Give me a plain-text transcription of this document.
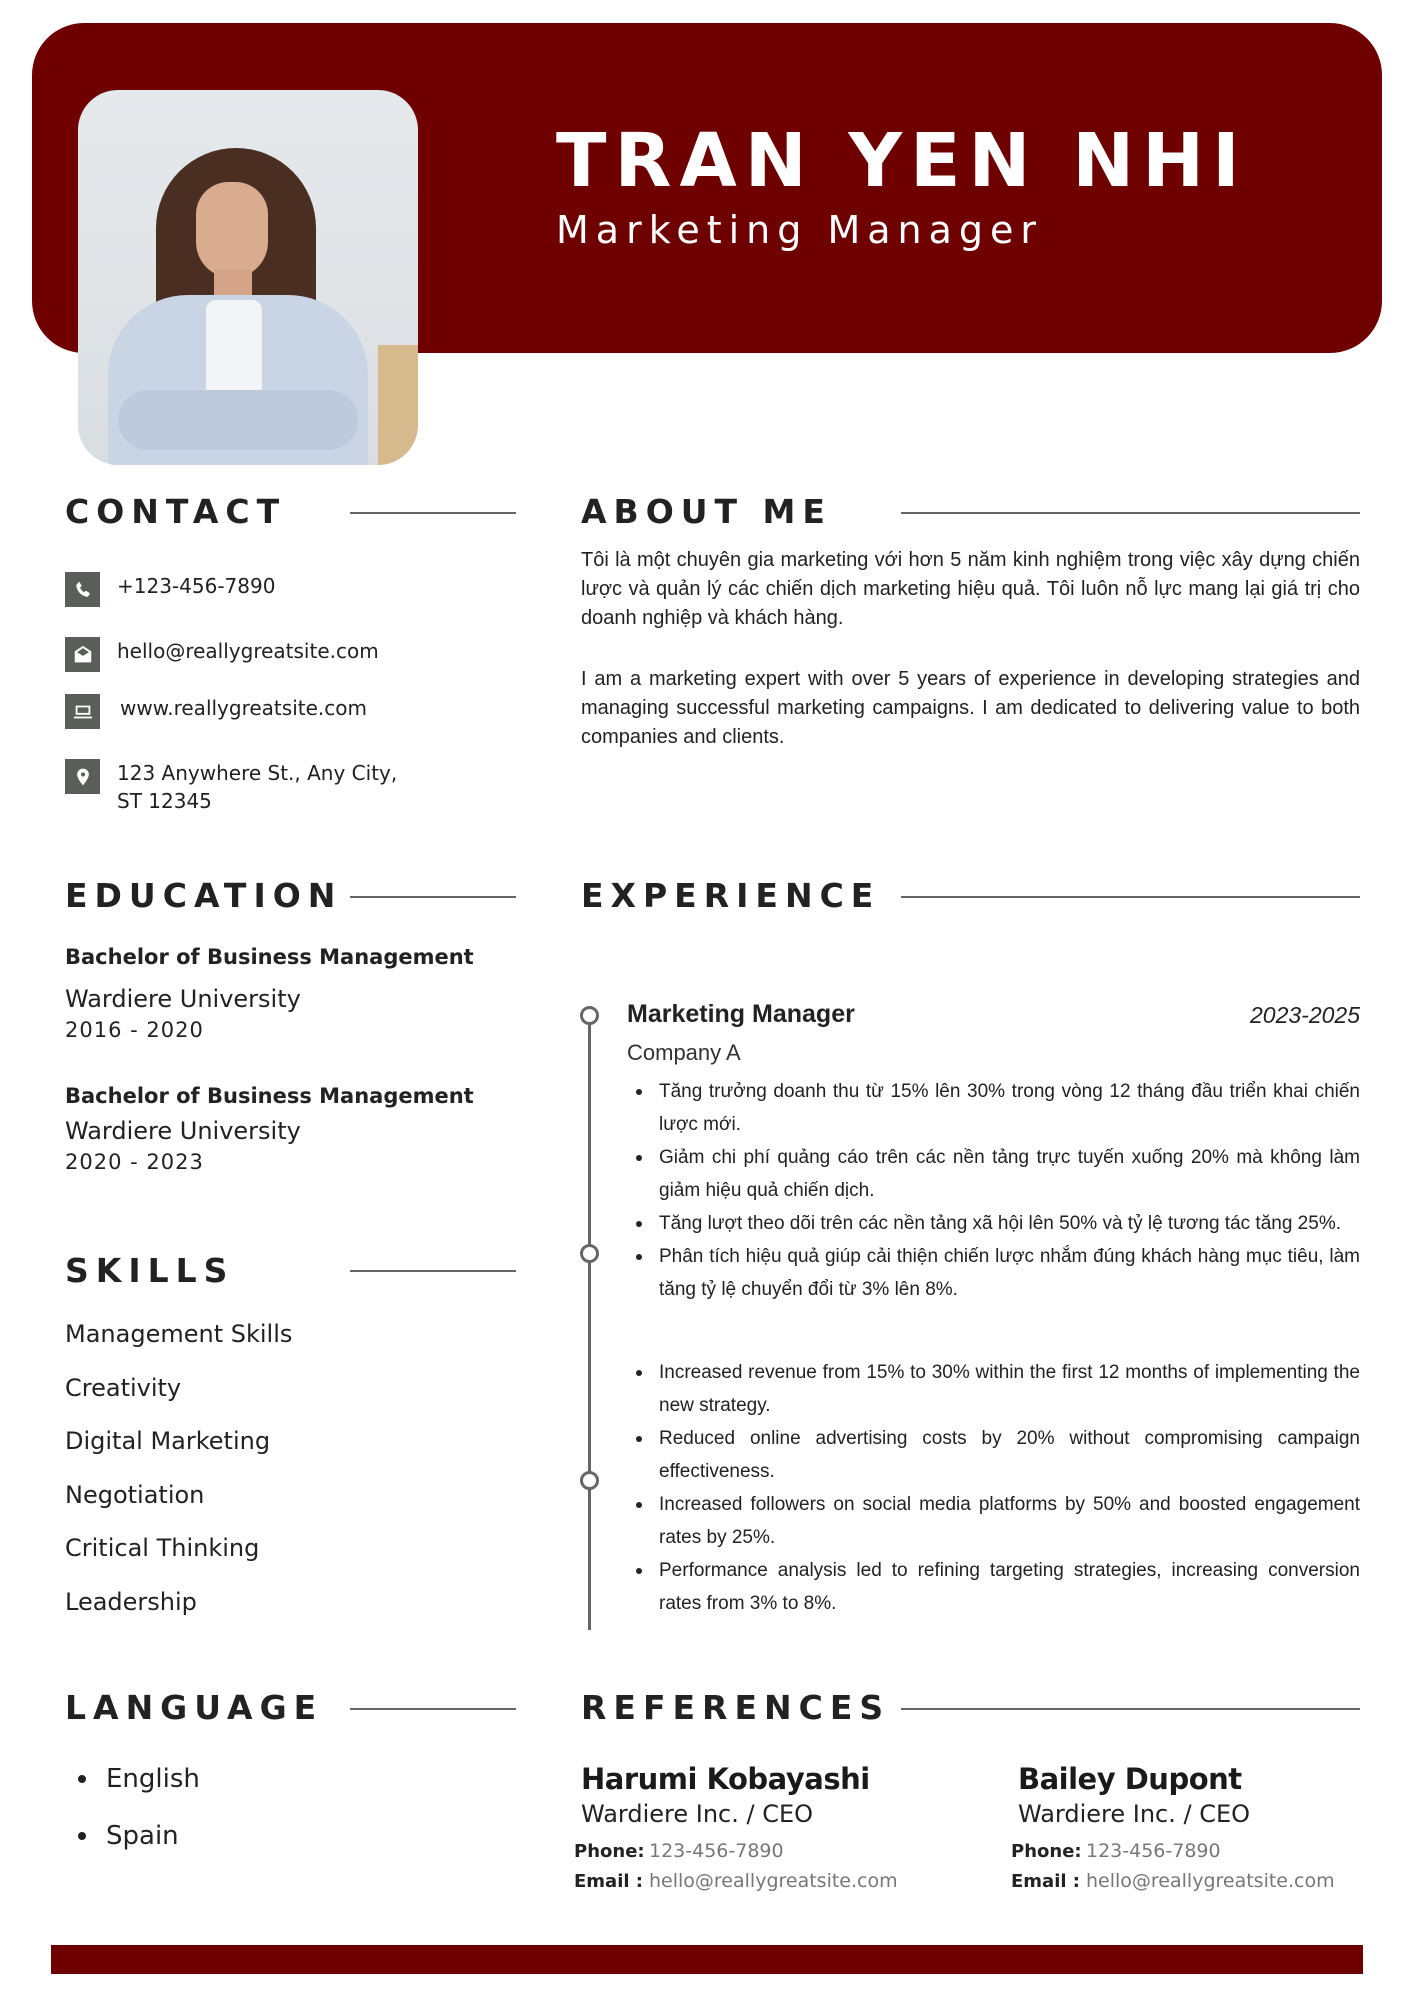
TRAN YEN NHI
Marketing Manager
CONTACT
+123-456-7890
hello@reallygreatsite.com
www.reallygreatsite.com
123 Anywhere St., Any City, ST 12345
ABOUT ME

Tôi là một chuyên gia marketing với hơn 5 năm kinh nghiệm trong việc xây dựng chiến lược và quản lý các chiến dịch marketing hiệu quả. Tôi luôn nỗ lực mang lại giá trị cho doanh nghiệp và khách hàng.

I am a marketing expert with over 5 years of experience in developing strategies and managing successful marketing campaigns. I am dedicated to delivering value to both companies and clients.

EDUCATION
Bachelor of Business Management
Wardiere University
2016 - 2020
Bachelor of Business Management
Wardiere University
2020 - 2023
SKILLS
Management Skills
Creativity
Digital Marketing
Negotiation
Critical Thinking
Leadership
LANGUAGE
English
Spain
EXPERIENCE
Marketing Manager	2023-2025
Company A
Tăng trưởng doanh thu từ 15% lên 30% trong vòng 12 tháng đầu triển khai chiến lược mới.
Giảm chi phí quảng cáo trên các nền tảng trực tuyến xuống 20% mà không làm giảm hiệu quả chiến dịch.
Tăng lượt theo dõi trên các nền tảng xã hội lên 50% và tỷ lệ tương tác tăng 25%.
Phân tích hiệu quả giúp cải thiện chiến lược nhắm đúng khách hàng mục tiêu, làm tăng tỷ lệ chuyển đổi từ 3% lên 8%.
Increased revenue from 15% to 30% within the first 12 months of implementing the new strategy.
Reduced online advertising costs by 20% without compromising campaign effectiveness.
Increased followers on social media platforms by 50% and boosted engagement rates by 25%.
Performance analysis led to refining targeting strategies, increasing conversion rates from 3% to 8%.
REFERENCES
Harumi Kobayashi
Wardiere Inc. / CEO
Phone: 123-456-7890
Email : hello@reallygreatsite.com
Bailey Dupont
Wardiere Inc. / CEO
Phone: 123-456-7890
Email : hello@reallygreatsite.com
